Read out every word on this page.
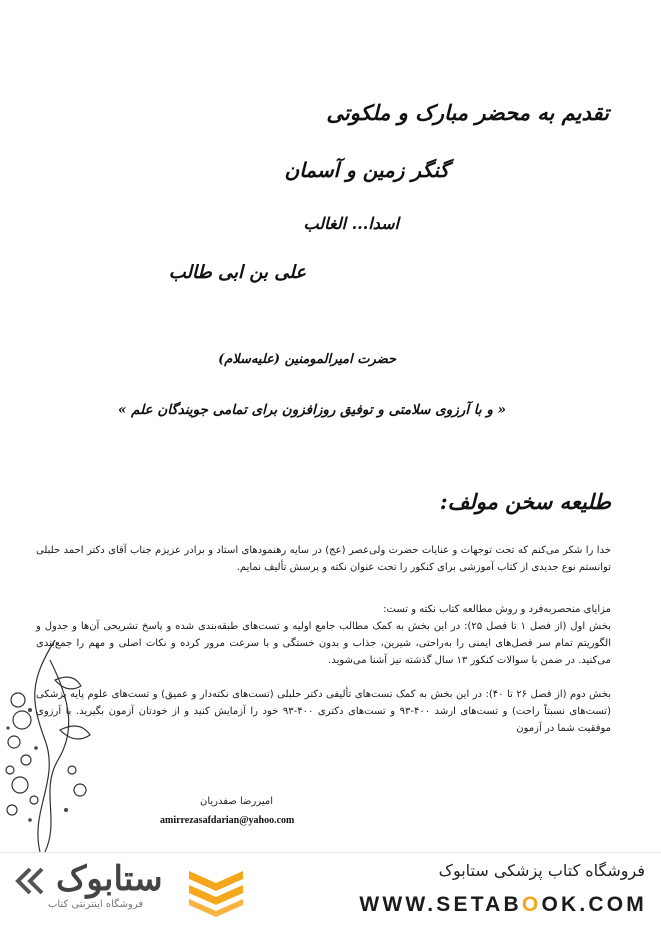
تقدیم به محضر مبارک و ملکوتی
گنگر زمین و آسمان
اسدا... الغالب
علی بن ابی طالب
حضرت امیرالمومنین (علیه‌سلام)
« و با آرزوی سلامتی و توفیق روزافزون برای تمامی جویندگان علم »
طلیعه سخن مولف:
خدا را شکر می‌کنم که تحت توجهات و عنایات حضرت ولی‌عصر (عج) در سایه رهنمودهای استاد و برادر عزیزم جناب آقای دکتر احمد حلبلی توانستم نوع جدیدی از کتاب آموزشی برای کنکور را تحت عنوان نکته و پرسش تألیف نمایم.
مزایای منحصربه‌فرد و روش مطالعه کتاب نکته و تست:
بخش اول (از فصل ۱ تا فصل ۲۵): در این بخش به کمک مطالب جامع اولیه و تست‌های طبقه‌بندی شده و پاسخ تشریحی آن‌ها و جدول و الگوریتم تمام سر فصل‌های ایمنی را به‌راحتی، شیرین، جذاب و بدون خستگی و با سرعت مرور کرده و نکات اصلی و مهم را جمع‌بندی می‌کنید. در ضمن با سوالات کنکور ۱۳ سال گذشته نیز آشنا می‌شوید.
بخش دوم (از فصل ۲۶ تا ۴۰): در این بخش به کمک تست‌های تألیفی دکتر حلبلی (تست‌های نکته‌دار و عمیق) و تست‌های علوم پایه پزشکی (تست‌های نسبتاً راحت) و تست‌های ارشد ۴۰۰-۹۳ و تست‌های دکتری ۴۰۰-۹۳ خود را آزمایش کنید و از خودتان آزمون بگیرید. با آرزوی موفقیت شما در آزمون
امیررضا صفدریان
amirrezasafdarian@yahoo.com
فروشگاه کتاب پزشکی ستابوک
WWW.SETABOOK.COM
ستابوک
فروشگاه اینترنتی کتاب
